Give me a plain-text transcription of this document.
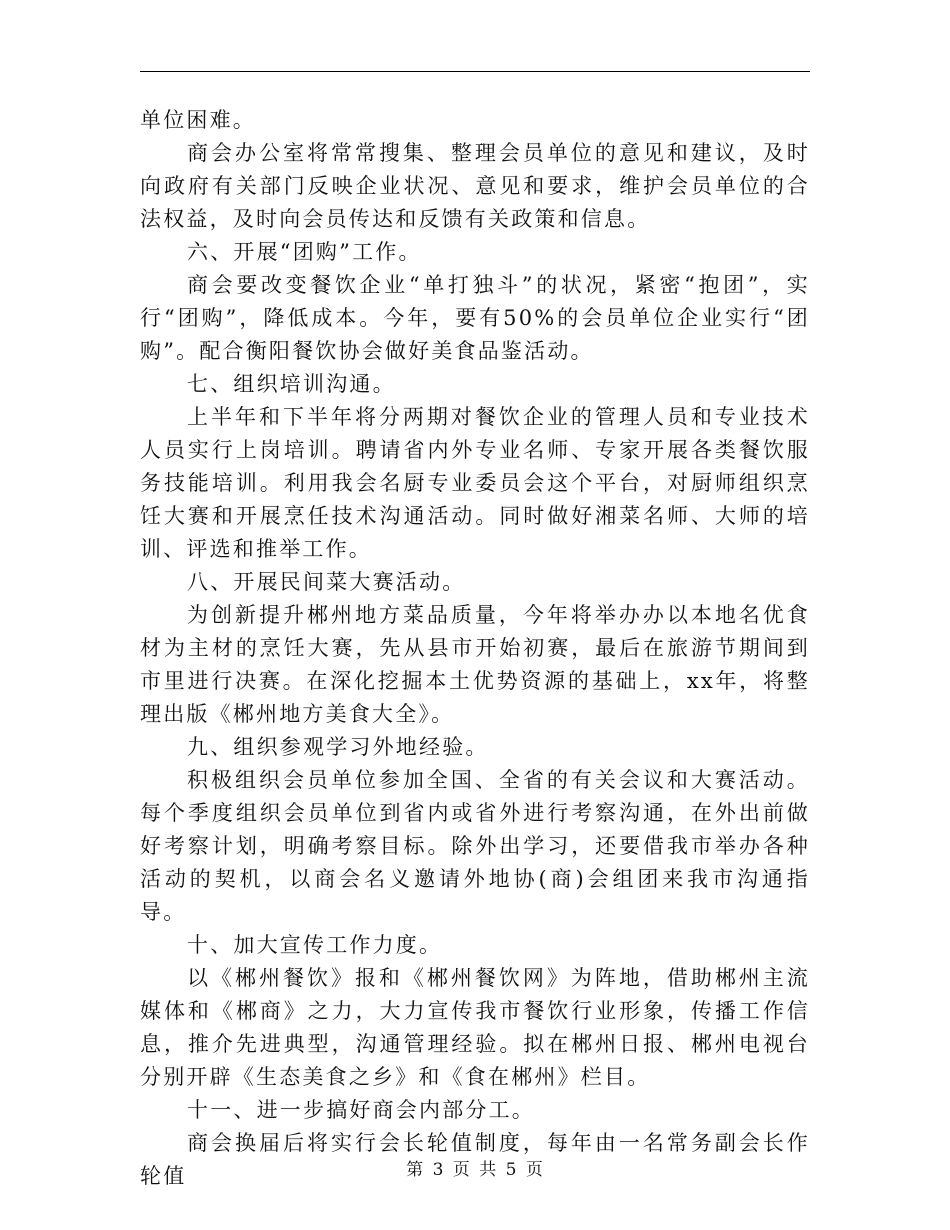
单位困难。

商会办公室将常常搜集、整理会员单位的意见和建议，及时向政府有关部门反映企业状况、意见和要求，维护会员单位的合法权益，及时向会员传达和反馈有关政策和信息。

六、开展“团购”工作。

商会要改变餐饮企业“单打独斗”的状况，紧密“抱团”，实行“团购”，降低成本。今年，要有50%的会员单位企业实行“团购”。配合衡阳餐饮协会做好美食品鉴活动。

七、组织培训沟通。

上半年和下半年将分两期对餐饮企业的管理人员和专业技术人员实行上岗培训。聘请省内外专业名师、专家开展各类餐饮服务技能培训。利用我会名厨专业委员会这个平台，对厨师组织烹饪大赛和开展烹任技术沟通活动。同时做好湘菜名师、大师的培训、评选和推举工作。

八、开展民间菜大赛活动。

为创新提升郴州地方菜品质量，今年将举办办以本地名优食材为主材的烹饪大赛，先从县市开始初赛，最后在旅游节期间到市里进行决赛。在深化挖掘本土优势资源的基础上，xx年，将整理出版《郴州地方美食大全》。

九、组织参观学习外地经验。

积极组织会员单位参加全国、全省的有关会议和大赛活动。每个季度组织会员单位到省内或省外进行考察沟通，在外出前做好考察计划，明确考察目标。除外出学习，还要借我市举办各种活动的契机，以商会名义邀请外地协(商)会组团来我市沟通指导。

十、加大宣传工作力度。

以《郴州餐饮》报和《郴州餐饮网》为阵地，借助郴州主流媒体和《郴商》之力，大力宣传我市餐饮行业形象，传播工作信息，推介先进典型，沟通管理经验。拟在郴州日报、郴州电视台分别开辟《生态美食之乡》和《食在郴州》栏目。

十一、进一步搞好商会内部分工。

商会换届后将实行会长轮值制度，每年由一名常务副会长作轮值	第 3 页 共 5 页
